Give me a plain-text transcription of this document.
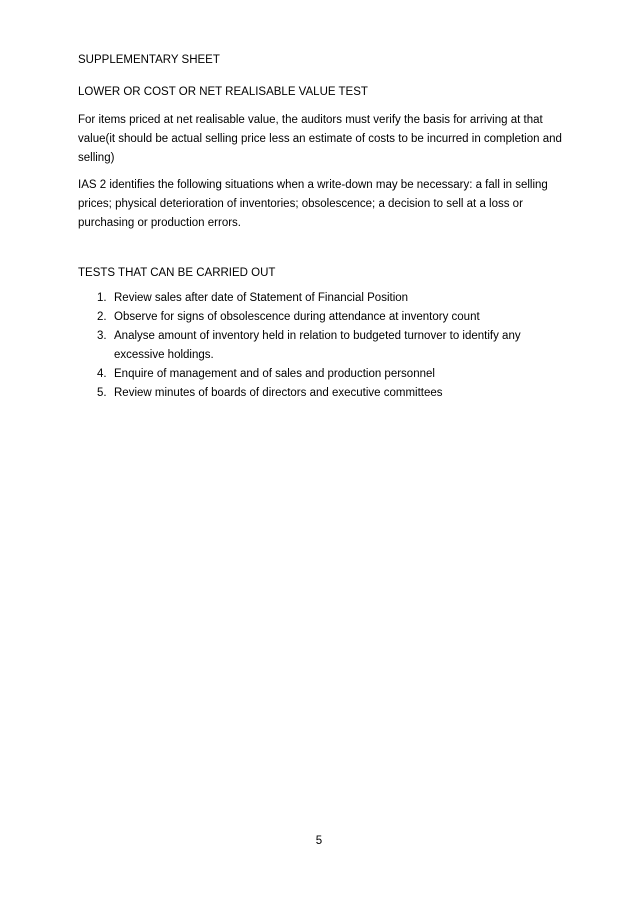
SUPPLEMENTARY SHEET

LOWER OR COST OR NET REALISABLE VALUE TEST

For items priced at net realisable value, the auditors must verify the basis for arriving at that value(it should be actual selling price less an estimate of costs to be incurred in completion and selling)

IAS 2 identifies the following situations when a write-down may be necessary: a fall in selling prices; physical deterioration of inventories; obsolescence; a decision to sell at a loss or purchasing or production errors.

TESTS THAT CAN BE CARRIED OUT

1. Review sales after date of Statement of Financial Position
2. Observe for signs of obsolescence during attendance at inventory count
3. Analyse amount of inventory held in relation to budgeted turnover to identify any excessive holdings.
4. Enquire of management and of sales and production personnel
5. Review minutes of boards of directors and executive committees
5
